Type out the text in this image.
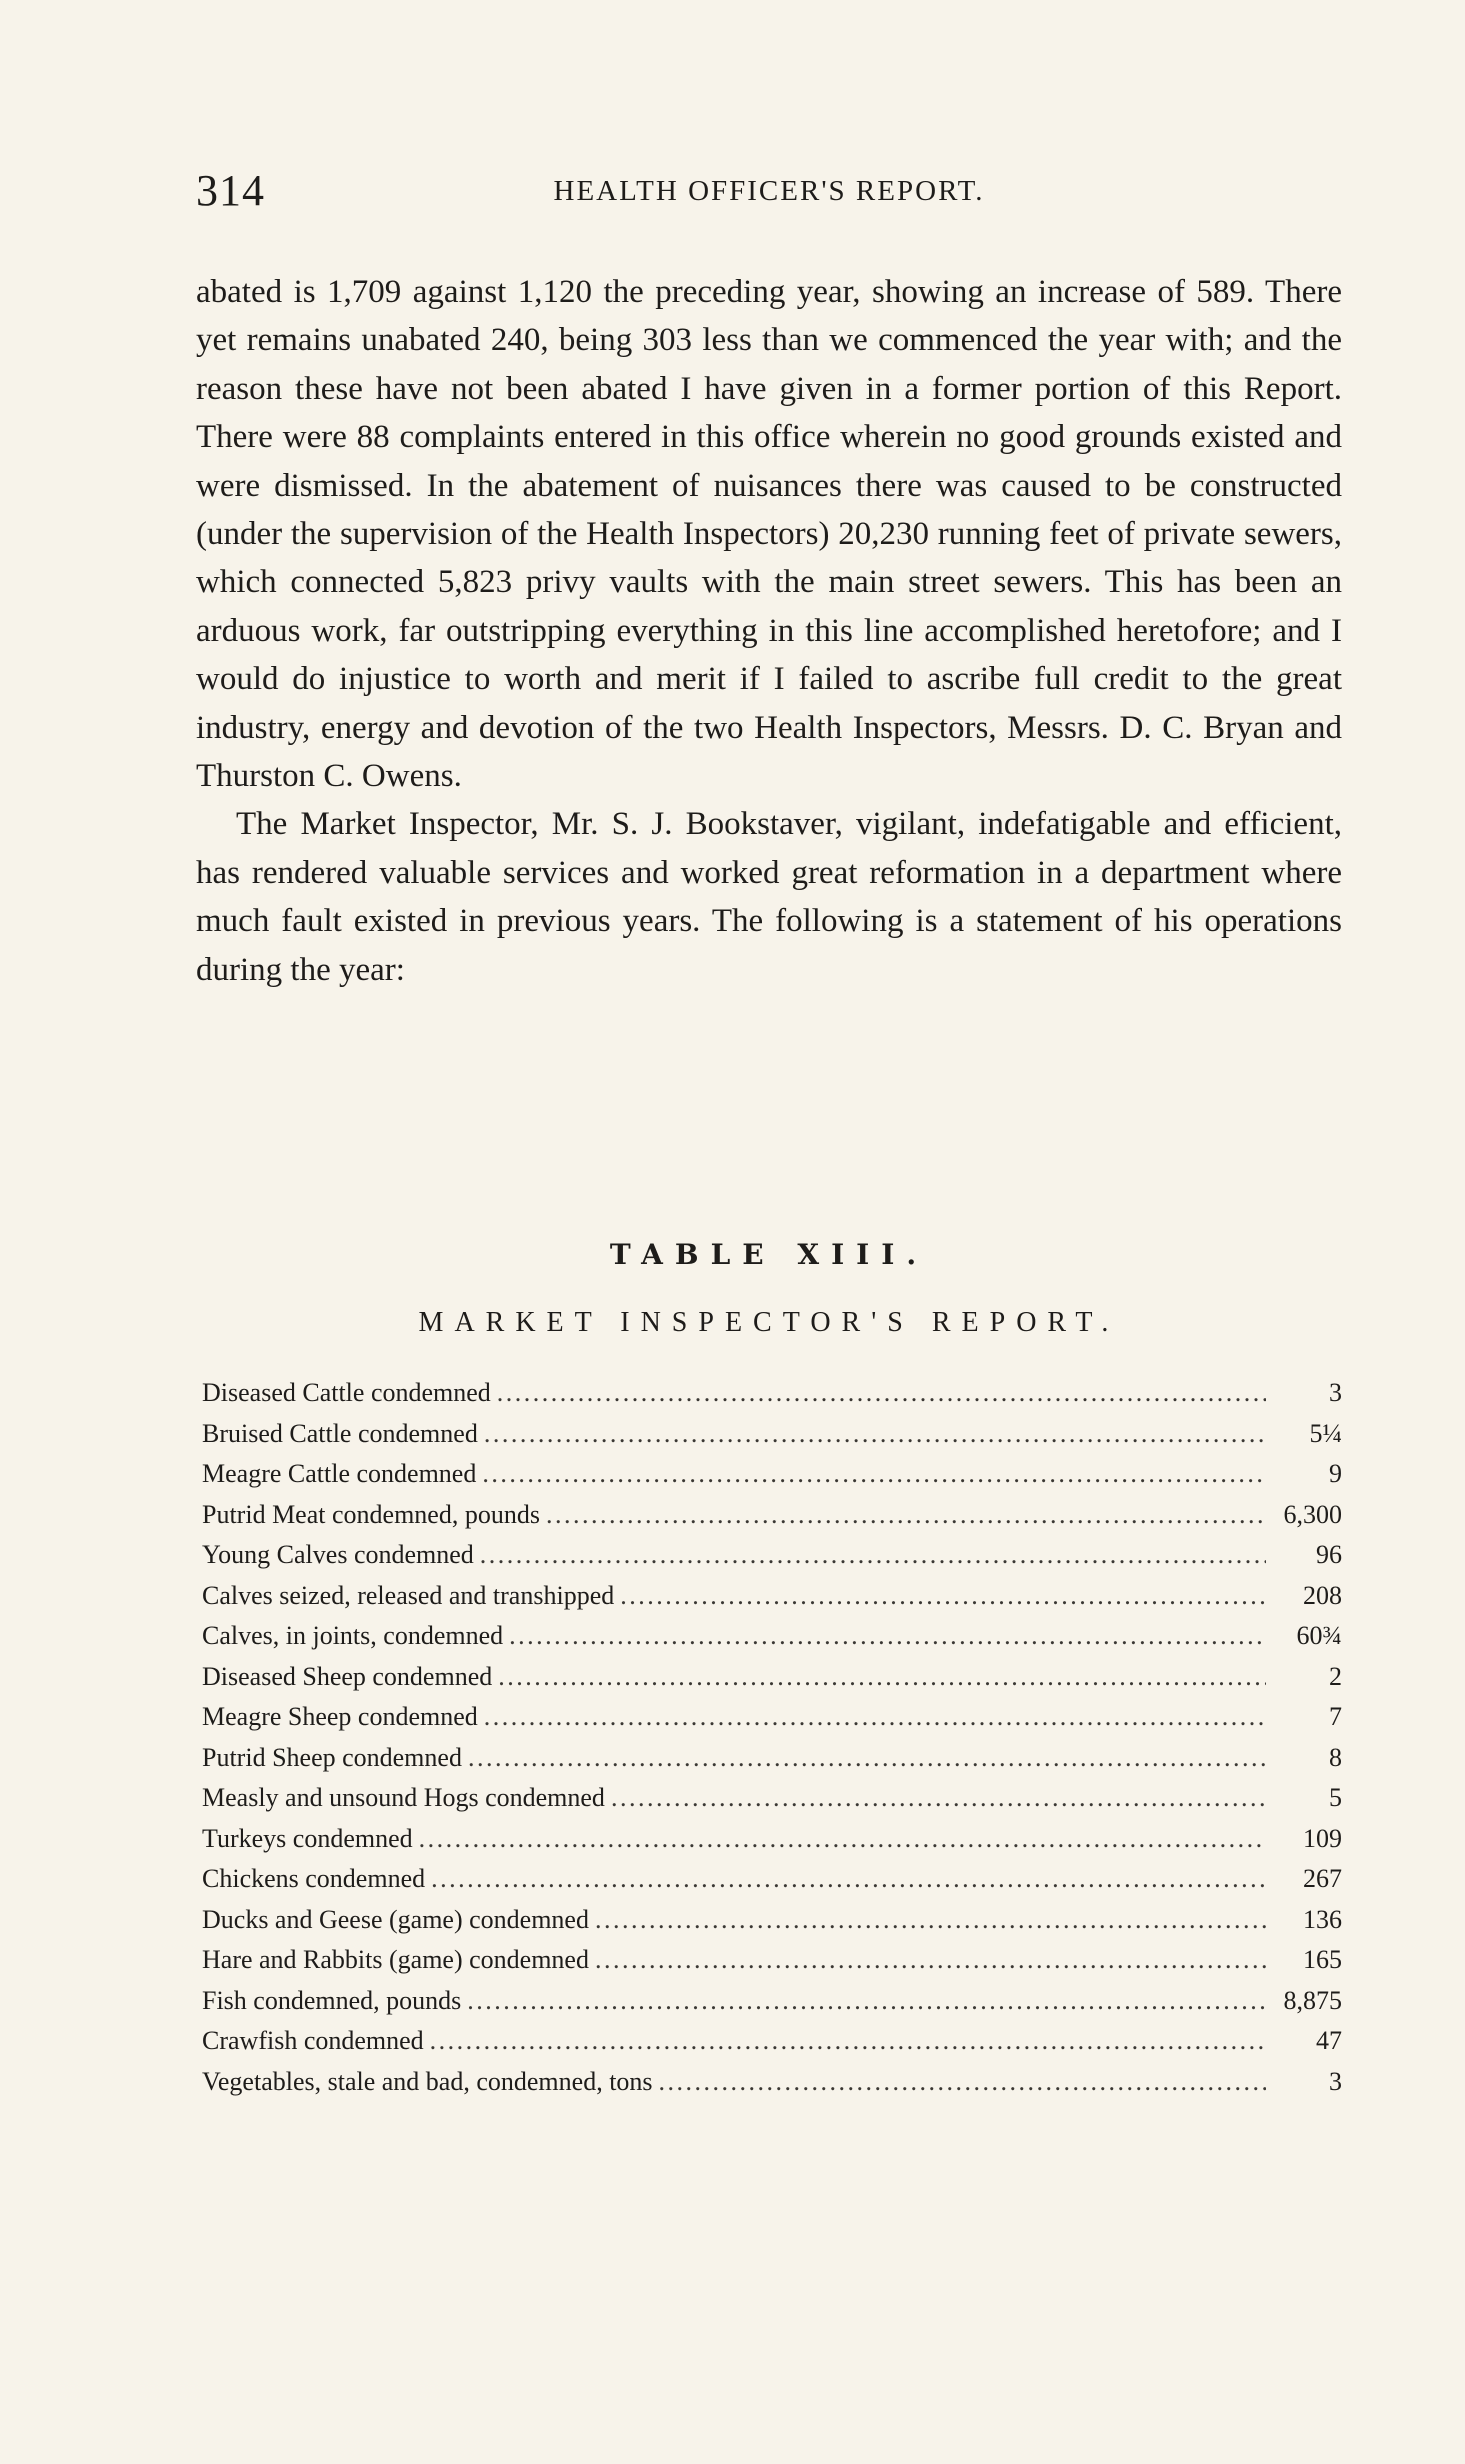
314	HEALTH OFFICER'S REPORT.

abated is 1,709 against 1,120 the preceding year, showing an increase of 589. There yet remains unabated 240, being 303 less than we commenced the year with; and the reason these have not been abated I have given in a former portion of this Report. There were 88 complaints entered in this office wherein no good grounds existed and were dismissed. In the abatement of nuisances there was caused to be constructed (under the supervision of the Health Inspectors) 20,230 running feet of private sewers, which connected 5,823 privy vaults with the main street sewers. This has been an arduous work, far outstripping everything in this line accomplished heretofore; and I would do injustice to worth and merit if I failed to ascribe full credit to the great industry, energy and devotion of the two Health Inspectors, Messrs. D. C. Bryan and Thurston C. Owens.

The Market Inspector, Mr. S. J. Bookstaver, vigilant, indefatigable and efficient, has rendered valuable services and worked great reformation in a department where much fault existed in previous years. The following is a statement of his operations during the year:

TABLE XIII.
MARKET INSPECTOR'S REPORT.
Diseased Cattle condemned . . .	3
Bruised Cattle condemned . . .	5¼
Meagre Cattle condemned . . .	9
Putrid Meat condemned, pounds . . .	6,300
Young Calves condemned . . .	96
Calves seized, released and transhipped . . .	208
Calves, in joints, condemned . . .	60¾
Diseased Sheep condemned . . .	2
Meagre Sheep condemned . . .	7
Putrid Sheep condemned . . .	8
Measly and unsound Hogs condemned . . .	5
Turkeys condemned . . .	109
Chickens condemned . . .	267
Ducks and Geese (game) condemned . . .	136
Hare and Rabbits (game) condemned . . .	165
Fish condemned, pounds . . .	8,875
Crawfish condemned . . .	47
Vegetables, stale and bad, condemned, tons . . .	3
